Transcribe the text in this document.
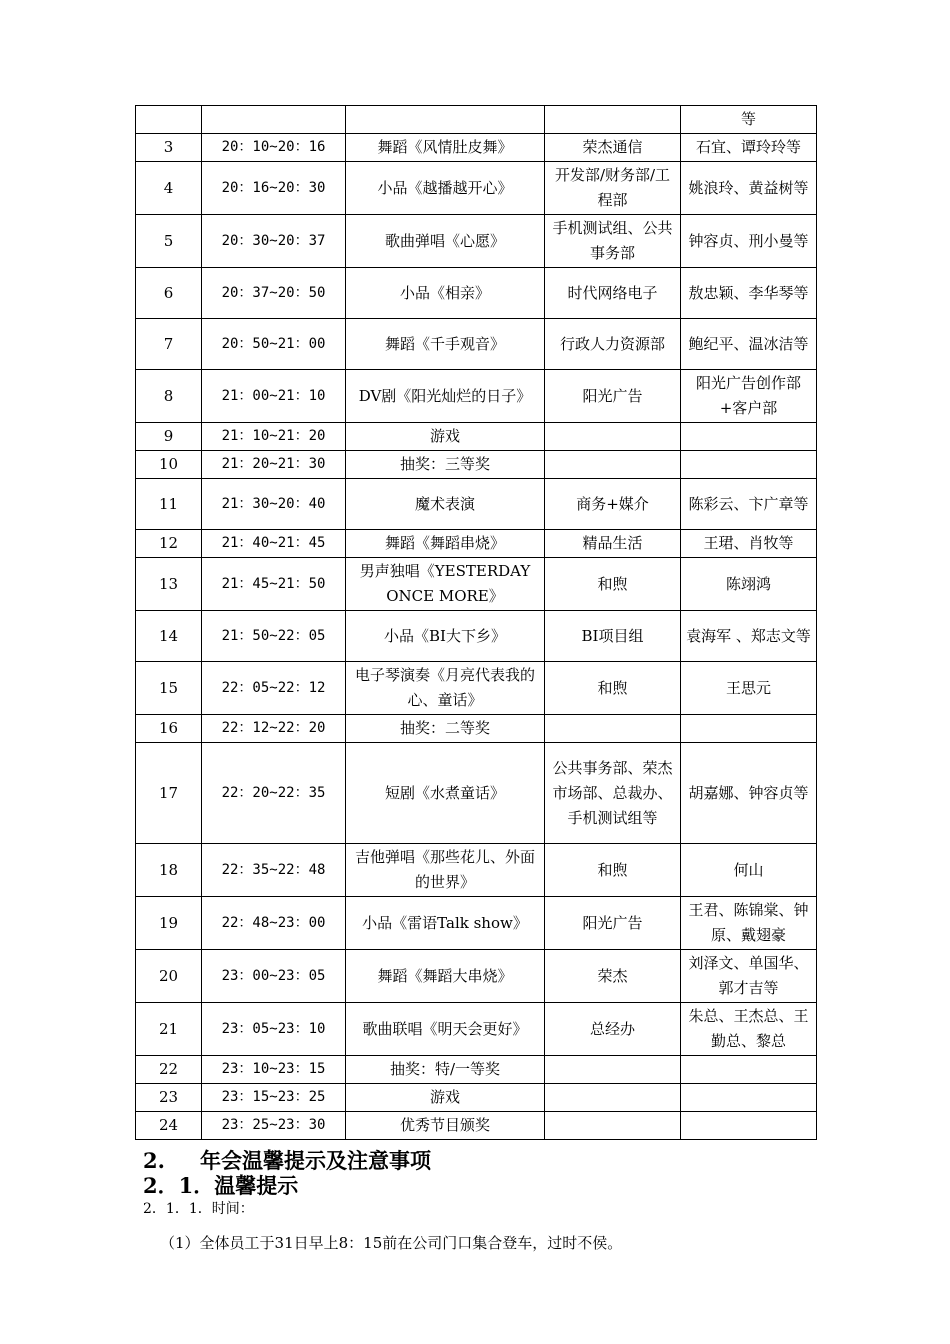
				等
3	20：10~20：16	舞蹈《风情肚皮舞》	荣杰通信	石宜、谭玲玲等
4	20：16~20：30	小品《越播越开心》	开发部/财务部/工程部	姚浪玲、黄益树等
5	20：30~20：37	歌曲弹唱《心愿》	手机测试组、公共事务部	钟容贞、刑小曼等
6	20：37~20：50	小品《相亲》	时代网络电子	敖忠颖、李华琴等
7	20：50~21：00	舞蹈《千手观音》	行政人力资源部	鲍纪平、温冰洁等
8	21：00~21：10	DV剧《阳光灿烂的日子》	阳光广告	阳光广告创作部+客户部
9	21：10~21：20	游戏		
10	21：20~21：30	抽奖：三等奖		
11	21：30~20：40	魔术表演	商务+媒介	陈彩云、卞广章等
12	21：40~21：45	舞蹈《舞蹈串烧》	精品生活	王珺、肖牧等
13	21：45~21：50	男声独唱《YESTERDAY ONCE MORE》	和煦	陈翊鸿
14	21：50~22：05	小品《BI大下乡》	BI项目组	袁海军 、郑志文等
15	22：05~22：12	电子琴演奏《月亮代表我的心、童话》	和煦	王思元
16	22：12~22：20	抽奖：二等奖		
17	22：20~22：35	短剧《水煮童话》	公共事务部、荣杰市场部、总裁办、手机测试组等	胡嘉娜、钟容贞等
18	22：35~22：48	吉他弹唱《那些花儿、外面的世界》	和煦	何山
19	22：48~23：00	小品《雷语Talk show》	阳光广告	王君、陈锦棠、钟原、戴翅豪
20	23：00~23：05	舞蹈《舞蹈大串烧》	荣杰	刘泽文、单国华、郭才吉等
21	23：05~23：10	歌曲联唱《明天会更好》	总经办	朱总、王杰总、王勤总、黎总
22	23：10~23：15	抽奖：特/一等奖		
23	23：15~23：25	游戏		
24	23：25~23：30	优秀节目颁奖		
2. 年会温馨提示及注意事项
2．1．温馨提示
2．1．1．时间：
（1）全体员工于31日早上8：15前在公司门口集合登车，过时不侯。
